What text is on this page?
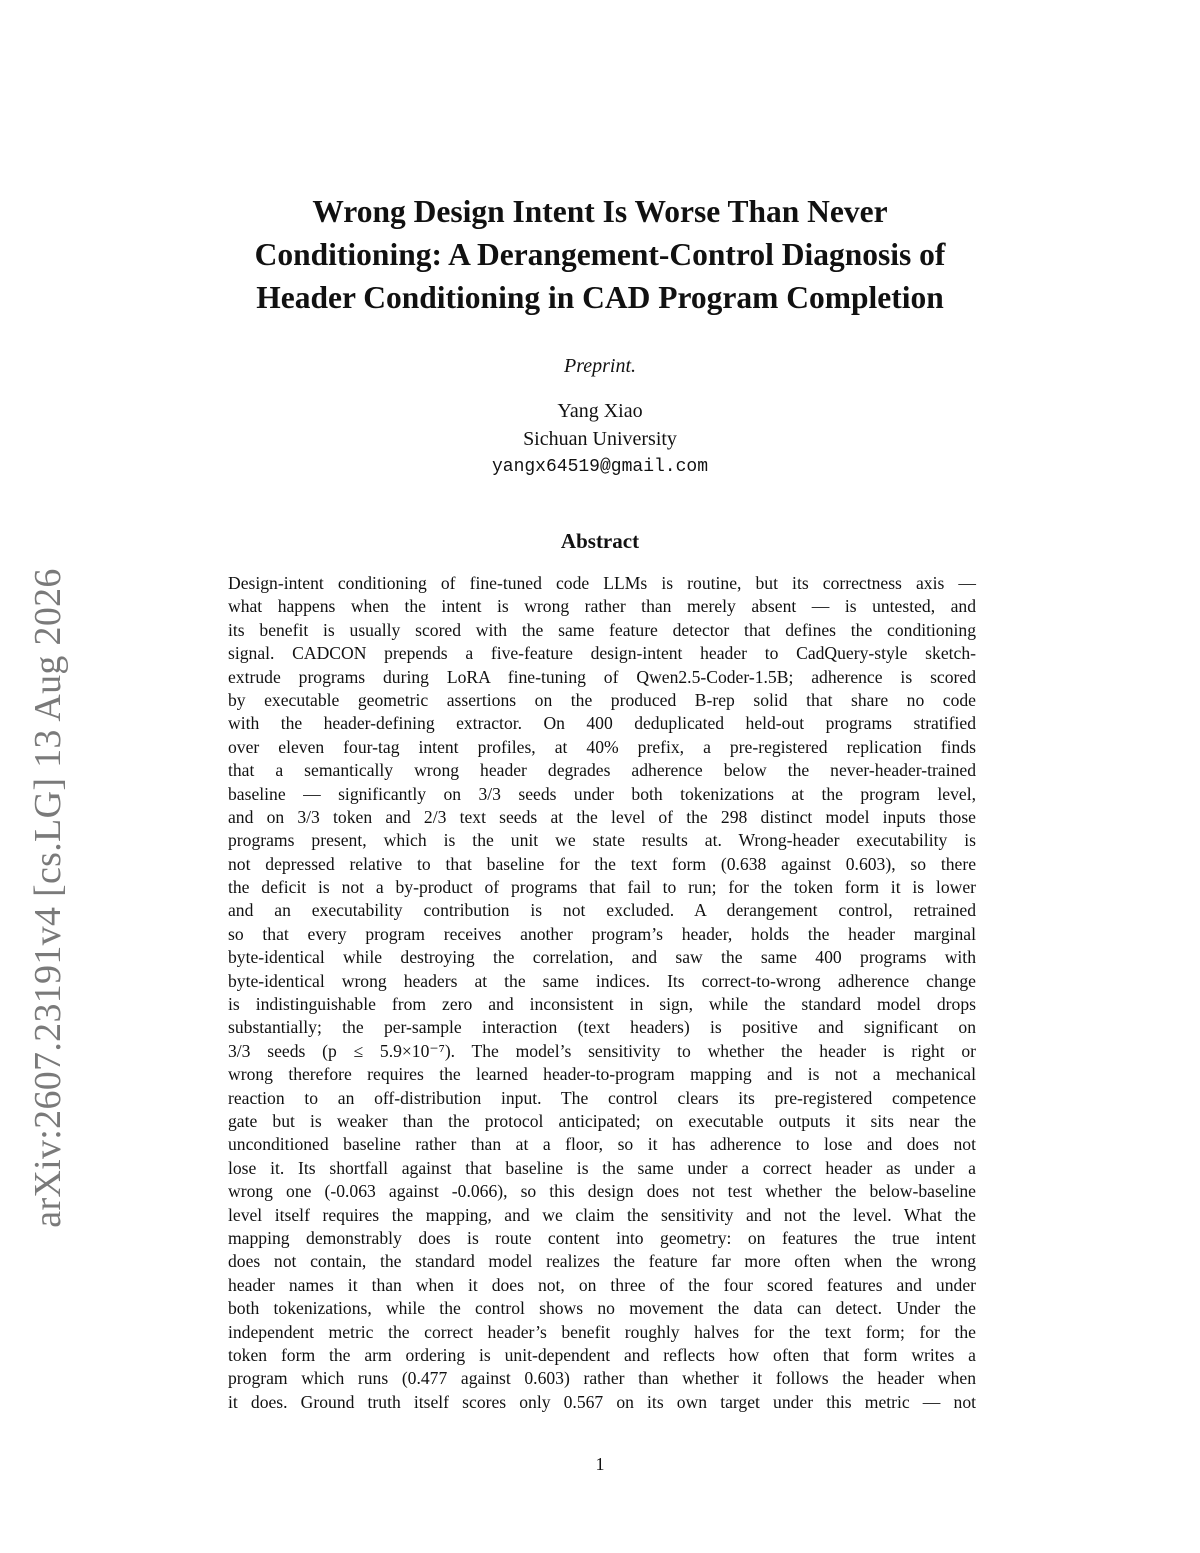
arXiv:2607.23191v4 [cs.LG] 13 Aug 2026
Wrong Design Intent Is Worse Than Never
Conditioning: A Derangement-Control Diagnosis of
Header Conditioning in CAD Program Completion
Preprint.
Yang Xiao
Sichuan University
yangx64519@gmail.com
Abstract
Design-intent conditioning of fine-tuned code LLMs is routine, but its correctness axis —
what happens when the intent is wrong rather than merely absent — is untested, and
its benefit is usually scored with the same feature detector that defines the conditioning
signal. CADCON prepends a five-feature design-intent header to CadQuery-style sketch-
extrude programs during LoRA fine-tuning of Qwen2.5-Coder-1.5B; adherence is scored
by executable geometric assertions on the produced B-rep solid that share no code
with the header-defining extractor. On 400 deduplicated held-out programs stratified
over eleven four-tag intent profiles, at 40% prefix, a pre-registered replication finds
that a semantically wrong header degrades adherence below the never-header-trained
baseline — significantly on 3/3 seeds under both tokenizations at the program level,
and on 3/3 token and 2/3 text seeds at the level of the 298 distinct model inputs those
programs present, which is the unit we state results at. Wrong-header executability is
not depressed relative to that baseline for the text form (0.638 against 0.603), so there
the deficit is not a by-product of programs that fail to run; for the token form it is lower
and an executability contribution is not excluded. A derangement control, retrained
so that every program receives another program’s header, holds the header marginal
byte-identical while destroying the correlation, and saw the same 400 programs with
byte-identical wrong headers at the same indices. Its correct-to-wrong adherence change
is indistinguishable from zero and inconsistent in sign, while the standard model drops
substantially; the per-sample interaction (text headers) is positive and significant on
3/3 seeds (p ≤ 5.9×10⁻⁷). The model’s sensitivity to whether the header is right or
wrong therefore requires the learned header-to-program mapping and is not a mechanical
reaction to an off-distribution input. The control clears its pre-registered competence
gate but is weaker than the protocol anticipated; on executable outputs it sits near the
unconditioned baseline rather than at a floor, so it has adherence to lose and does not
lose it. Its shortfall against that baseline is the same under a correct header as under a
wrong one (-0.063 against -0.066), so this design does not test whether the below-baseline
level itself requires the mapping, and we claim the sensitivity and not the level. What the
mapping demonstrably does is route content into geometry: on features the true intent
does not contain, the standard model realizes the feature far more often when the wrong
header names it than when it does not, on three of the four scored features and under
both tokenizations, while the control shows no movement the data can detect. Under the
independent metric the correct header’s benefit roughly halves for the text form; for the
token form the arm ordering is unit-dependent and reflects how often that form writes a
program which runs (0.477 against 0.603) rather than whether it follows the header when
it does. Ground truth itself scores only 0.567 on its own target under this metric — not
1
